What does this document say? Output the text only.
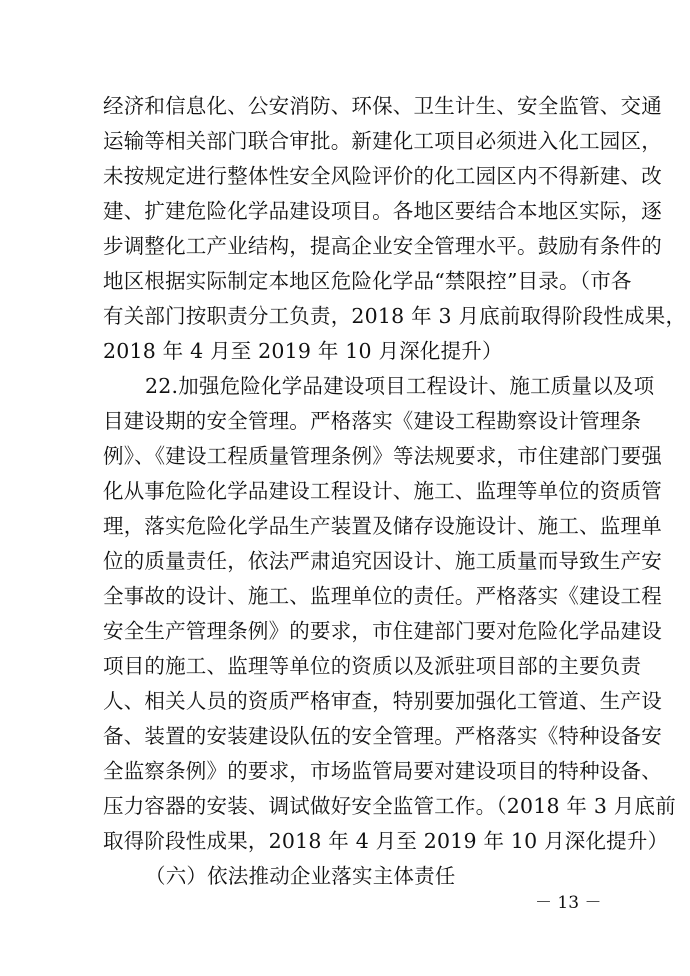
经济和信息化、公安消防、环保、卫生计生、安全监管、交通
运输等相关部门联合审批。新建化工项目必须进入化工园区，
未按规定进行整体性安全风险评价的化工园区内不得新建、改
建、扩建危险化学品建设项目。各地区要结合本地区实际，逐
步调整化工产业结构，提高企业安全管理水平。鼓励有条件的
地区根据实际制定本地区危险化学品“禁限控”目录。（市各
有关部门按职责分工负责，2018 年 3 月底前取得阶段性成果，
2018 年 4 月至 2019 年 10 月深化提升）
22.加强危险化学品建设项目工程设计、施工质量以及项
目建设期的安全管理。严格落实《建设工程勘察设计管理条
例》、《建设工程质量管理条例》等法规要求，市住建部门要强
化从事危险化学品建设工程设计、施工、监理等单位的资质管
理，落实危险化学品生产装置及储存设施设计、施工、监理单
位的质量责任，依法严肃追究因设计、施工质量而导致生产安
全事故的设计、施工、监理单位的责任。严格落实《建设工程
安全生产管理条例》的要求，市住建部门要对危险化学品建设
项目的施工、监理等单位的资质以及派驻项目部的主要负责
人、相关人员的资质严格审查，特别要加强化工管道、生产设
备、装置的安装建设队伍的安全管理。严格落实《特种设备安
全监察条例》的要求，市场监管局要对建设项目的特种设备、
压力容器的安装、调试做好安全监管工作。（2018 年 3 月底前
取得阶段性成果，2018 年 4 月至 2019 年 10 月深化提升）
（六）依法推动企业落实主体责任
－ 13 －
